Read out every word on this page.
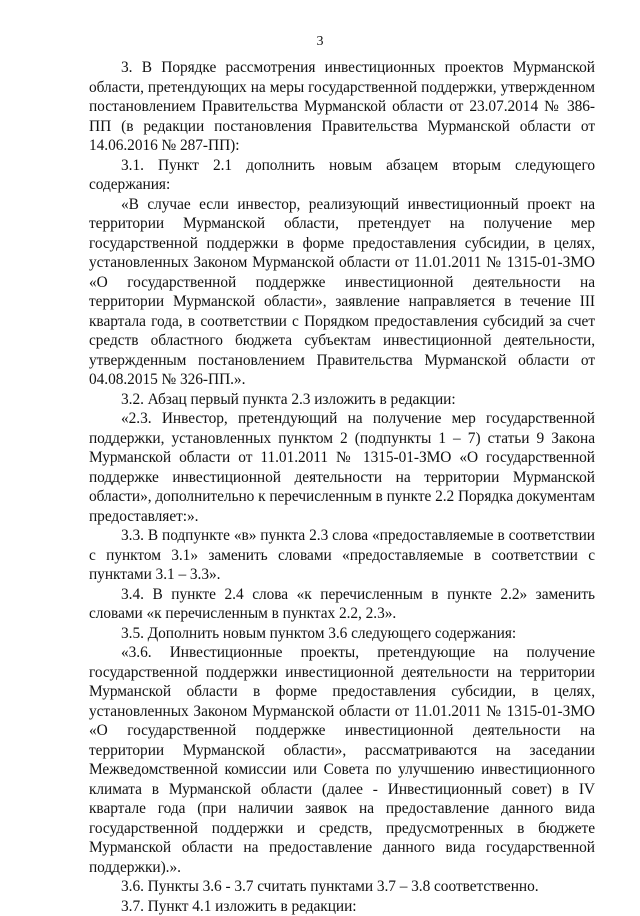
3

3. В Порядке рассмотрения инвестиционных проектов Мурманской области, претендующих на меры государственной поддержки, утвержденном постановлением Правительства Мурманской области от 23.07.2014 № 386-ПП (в редакции постановления Правительства Мурманской области от 14.06.2016 № 287-ПП):

3.1. Пункт 2.1 дополнить новым абзацем вторым следующего содержания:

«В случае если инвестор, реализующий инвестиционный проект на территории Мурманской области, претендует на получение мер государственной поддержки в форме предоставления субсидии, в целях, установленных Законом Мурманской области от 11.01.2011 № 1315-01-ЗМО «О государственной поддержке инвестиционной деятельности на территории Мурманской области», заявление направляется в течение III квартала года, в соответствии с Порядком предоставления субсидий за счет средств областного бюджета субъектам инвестиционной деятельности, утвержденным постановлением Правительства Мурманской области от 04.08.2015 № 326-ПП.».

3.2. Абзац первый пункта 2.3 изложить в редакции:

«2.3. Инвестор, претендующий на получение мер государственной поддержки, установленных пунктом 2 (подпункты 1 – 7) статьи 9 Закона Мурманской области от 11.01.2011 № 1315-01-ЗМО «О государственной поддержке инвестиционной деятельности на территории Мурманской области», дополнительно к перечисленным в пункте 2.2 Порядка документам предоставляет:».

3.3. В подпункте «в» пункта 2.3 слова «предоставляемые в соответствии с пунктом 3.1» заменить словами «предоставляемые в соответствии с пунктами 3.1 – 3.3».

3.4. В пункте 2.4 слова «к перечисленным в пункте 2.2» заменить словами «к перечисленным в пунктах 2.2, 2.3».

3.5. Дополнить новым пунктом 3.6 следующего содержания:

«3.6. Инвестиционные проекты, претендующие на получение государственной поддержки инвестиционной деятельности на территории Мурманской области в форме предоставления субсидии, в целях, установленных Законом Мурманской области от 11.01.2011 № 1315-01-ЗМО «О государственной поддержке инвестиционной деятельности на территории Мурманской области», рассматриваются на заседании Межведомственной комиссии или Совета по улучшению инвестиционного климата в Мурманской области (далее - Инвестиционный совет) в IV квартале года (при наличии заявок на предоставление данного вида государственной поддержки и средств, предусмотренных в бюджете Мурманской области на предоставление данного вида государственной поддержки).».

3.6. Пункты 3.6 - 3.7 считать пунктами 3.7 – 3.8 соответственно.

3.7. Пункт 4.1 изложить в редакции:
